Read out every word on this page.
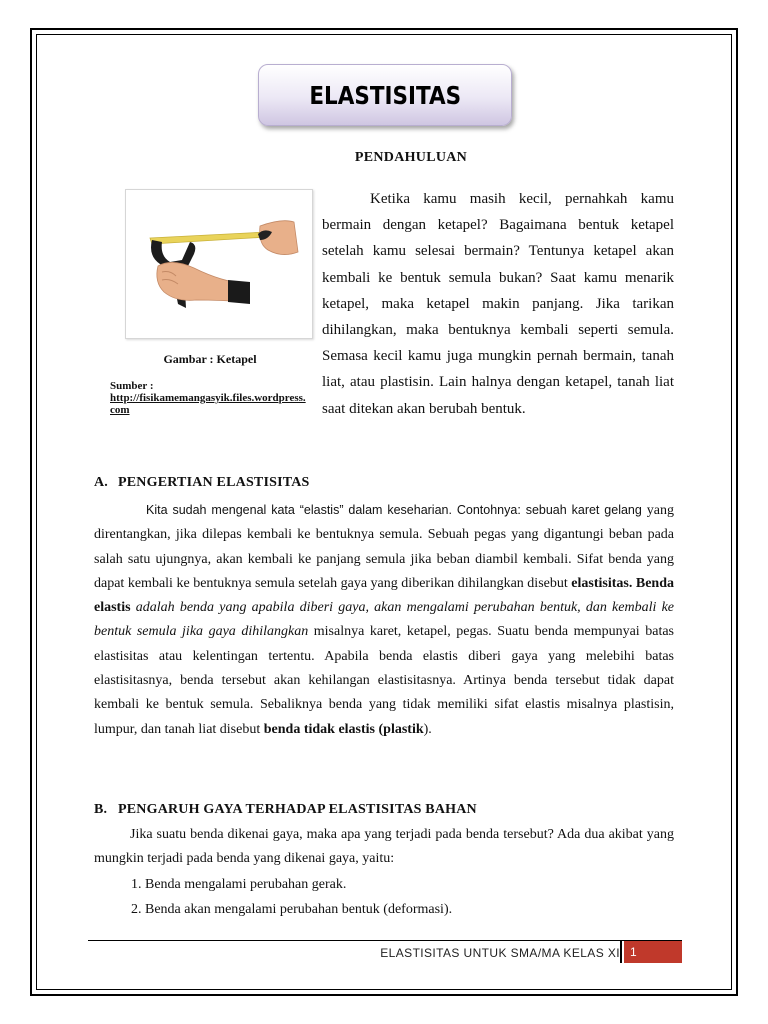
ELASTISITAS
PENDAHULUAN
Gambar : Ketapel
Sumber :
http://fisikamemangasyik.files.wordpress.com

Ketika kamu masih kecil, pernahkah kamu bermain dengan ketapel? Bagaimana bentuk ketapel setelah kamu selesai bermain? Tentunya ketapel akan kembali ke bentuk semula bukan? Saat kamu menarik ketapel, maka ketapel makin panjang. Jika tarikan dihilangkan, maka bentuknya kembali seperti semula. Semasa kecil kamu juga mungkin pernah bermain, tanah liat, atau plastisin. Lain halnya dengan ketapel, tanah liat saat ditekan akan berubah bentuk.

A. PENGERTIAN ELASTISITAS

Kita sudah mengenal kata “elastis” dalam keseharian. Contohnya: sebuah karet gelang yang direntangkan, jika dilepas kembali ke bentuknya semula. Sebuah pegas yang digantungi beban pada salah satu ujungnya, akan kembali ke panjang semula jika beban diambil kembali. Sifat benda yang dapat kembali ke bentuknya semula setelah gaya yang diberikan dihilangkan disebut elastisitas. Benda elastis adalah benda yang apabila diberi gaya, akan mengalami perubahan bentuk, dan kembali ke bentuk semula jika gaya dihilangkan misalnya karet, ketapel, pegas. Suatu benda mempunyai batas elastisitas atau kelentingan tertentu. Apabila benda elastis diberi gaya yang melebihi batas elastisitasnya, benda tersebut akan kehilangan elastisitasnya. Artinya benda tersebut tidak dapat kembali ke bentuk semula. Sebaliknya benda yang tidak memiliki sifat elastis misalnya plastisin, lumpur, dan tanah liat disebut benda tidak elastis (plastik).

B. PENGARUH GAYA TERHADAP ELASTISITAS BAHAN

Jika suatu benda dikenai gaya, maka apa yang terjadi pada benda tersebut? Ada dua akibat yang mungkin terjadi pada benda yang dikenai gaya, yaitu:

1. Benda mengalami perubahan gerak.
2. Benda akan mengalami perubahan bentuk (deformasi).
ELASTISITAS UNTUK SMA/MA KELAS XI 1
